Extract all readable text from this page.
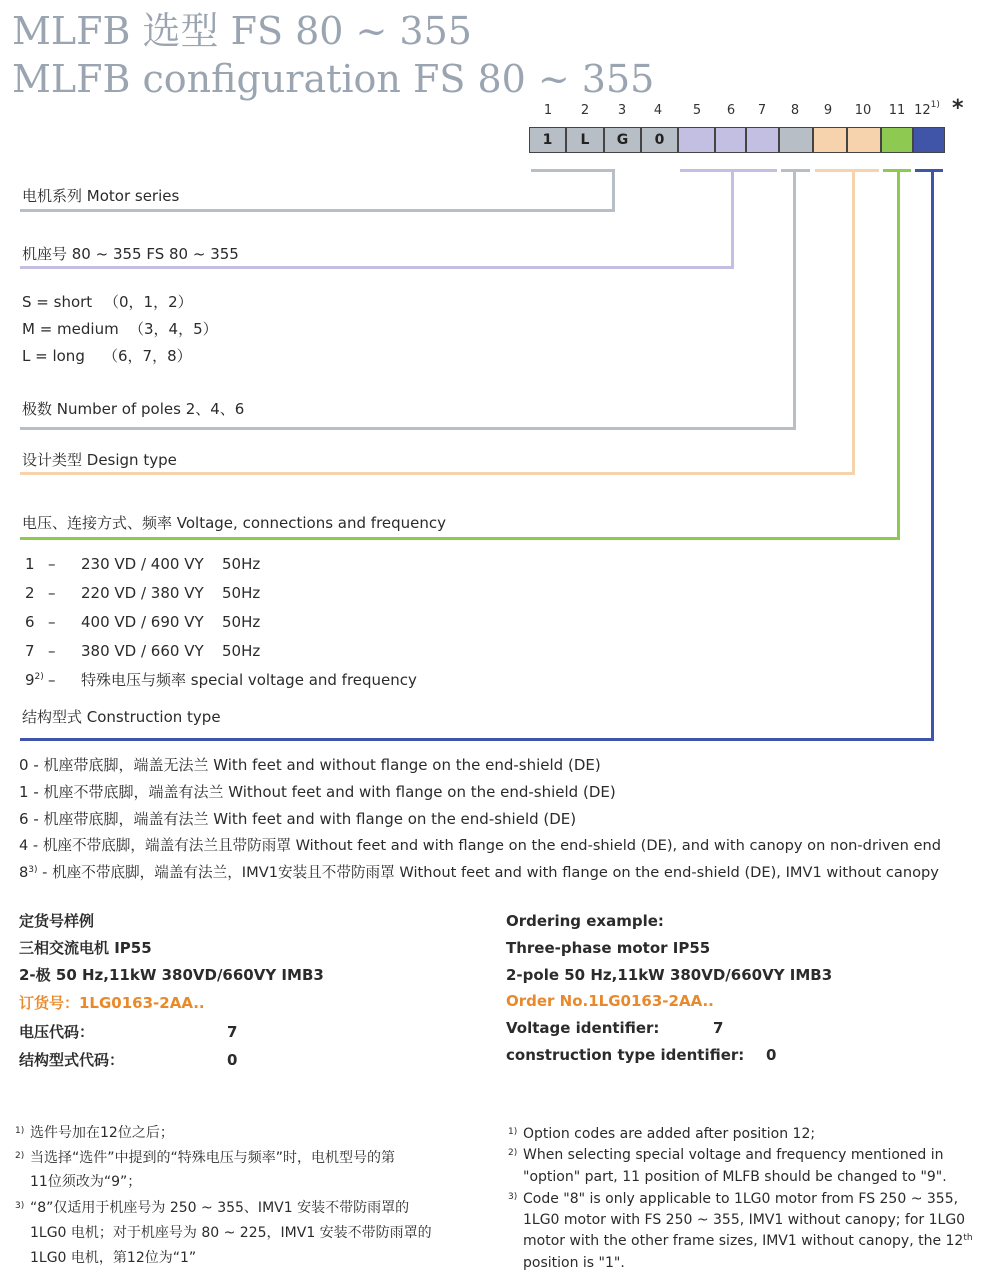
MLFB 选型 FS 80 ~ 355
MLFB configuration FS 80 ~ 355
1	2	3	4	5	6	7	8	9	10	11 12$^{1)}$ *
1	L	G	0
电机系列 Motor series
机座号 80 ~ 355 FS 80 ~ 355
S = short （0，1，2）
M = medium （3，4，5）
L = long （6，7，8）
极数 Number of poles 2、4、6
设计类型 Design type
电压、连接方式、频率 Voltage, connections and frequency
1 – 230 VD / 400 VY 50Hz
2 – 220 VD / 380 VY 50Hz
6 – 400 VD / 690 VY 50Hz
7 – 380 VD / 660 VY 50Hz
9$^{2)}$ – 特殊电压与频率 special voltage and frequency
结构型式 Construction type
0 - 机座带底脚，端盖无法兰 With feet and without flange on the end-shield (DE)
1 - 机座不带底脚，端盖有法兰 Without feet and with flange on the end-shield (DE)
6 - 机座带底脚，端盖有法兰 With feet and with flange on the end-shield (DE)
4 - 机座不带底脚，端盖有法兰且带防雨罩 Without feet and with flange on the end-shield (DE), and with canopy on non-driven end
8$^{3)}$ - 机座不带底脚，端盖有法兰，IMV1安装且不带防雨罩 Without feet and with flange on the end-shield (DE), IMV1 without canopy
定货号样例
三相交流电机 IP55
2-极 50 Hz,11kW 380VD/660VY IMB3
订货号：1LG0163-2AA..
电压代码：	7
结构型式代码：	0
Ordering example:
Three-phase motor IP55
2-pole 50 Hz,11kW 380VD/660VY IMB3
Order No.1LG0163-2AA..
Voltage identifier:	7
construction type identifier: 0
1) 选件号加在12位之后；
2) 当选择“选件”中提到的“特殊电压与频率”时，电机型号的第
11位须改为“9”；
3) “8”仅适用于机座号为 250 ~ 355、IMV1 安装不带防雨罩的
1LG0 电机；对于机座号为 80 ~ 225，IMV1 安装不带防雨罩的
1LG0 电机，第12位为“1”
1) Option codes are added after position 12;
2) When selecting special voltage and frequency mentioned in
"option" part, 11 position of MLFB should be changed to "9".
3) Code "8" is only applicable to 1LG0 motor from FS 250 ~ 355,
1LG0 motor with FS 250 ~ 355, IMV1 without canopy; for 1LG0
motor with the other frame sizes, IMV1 without canopy, the 12th
position is "1".
